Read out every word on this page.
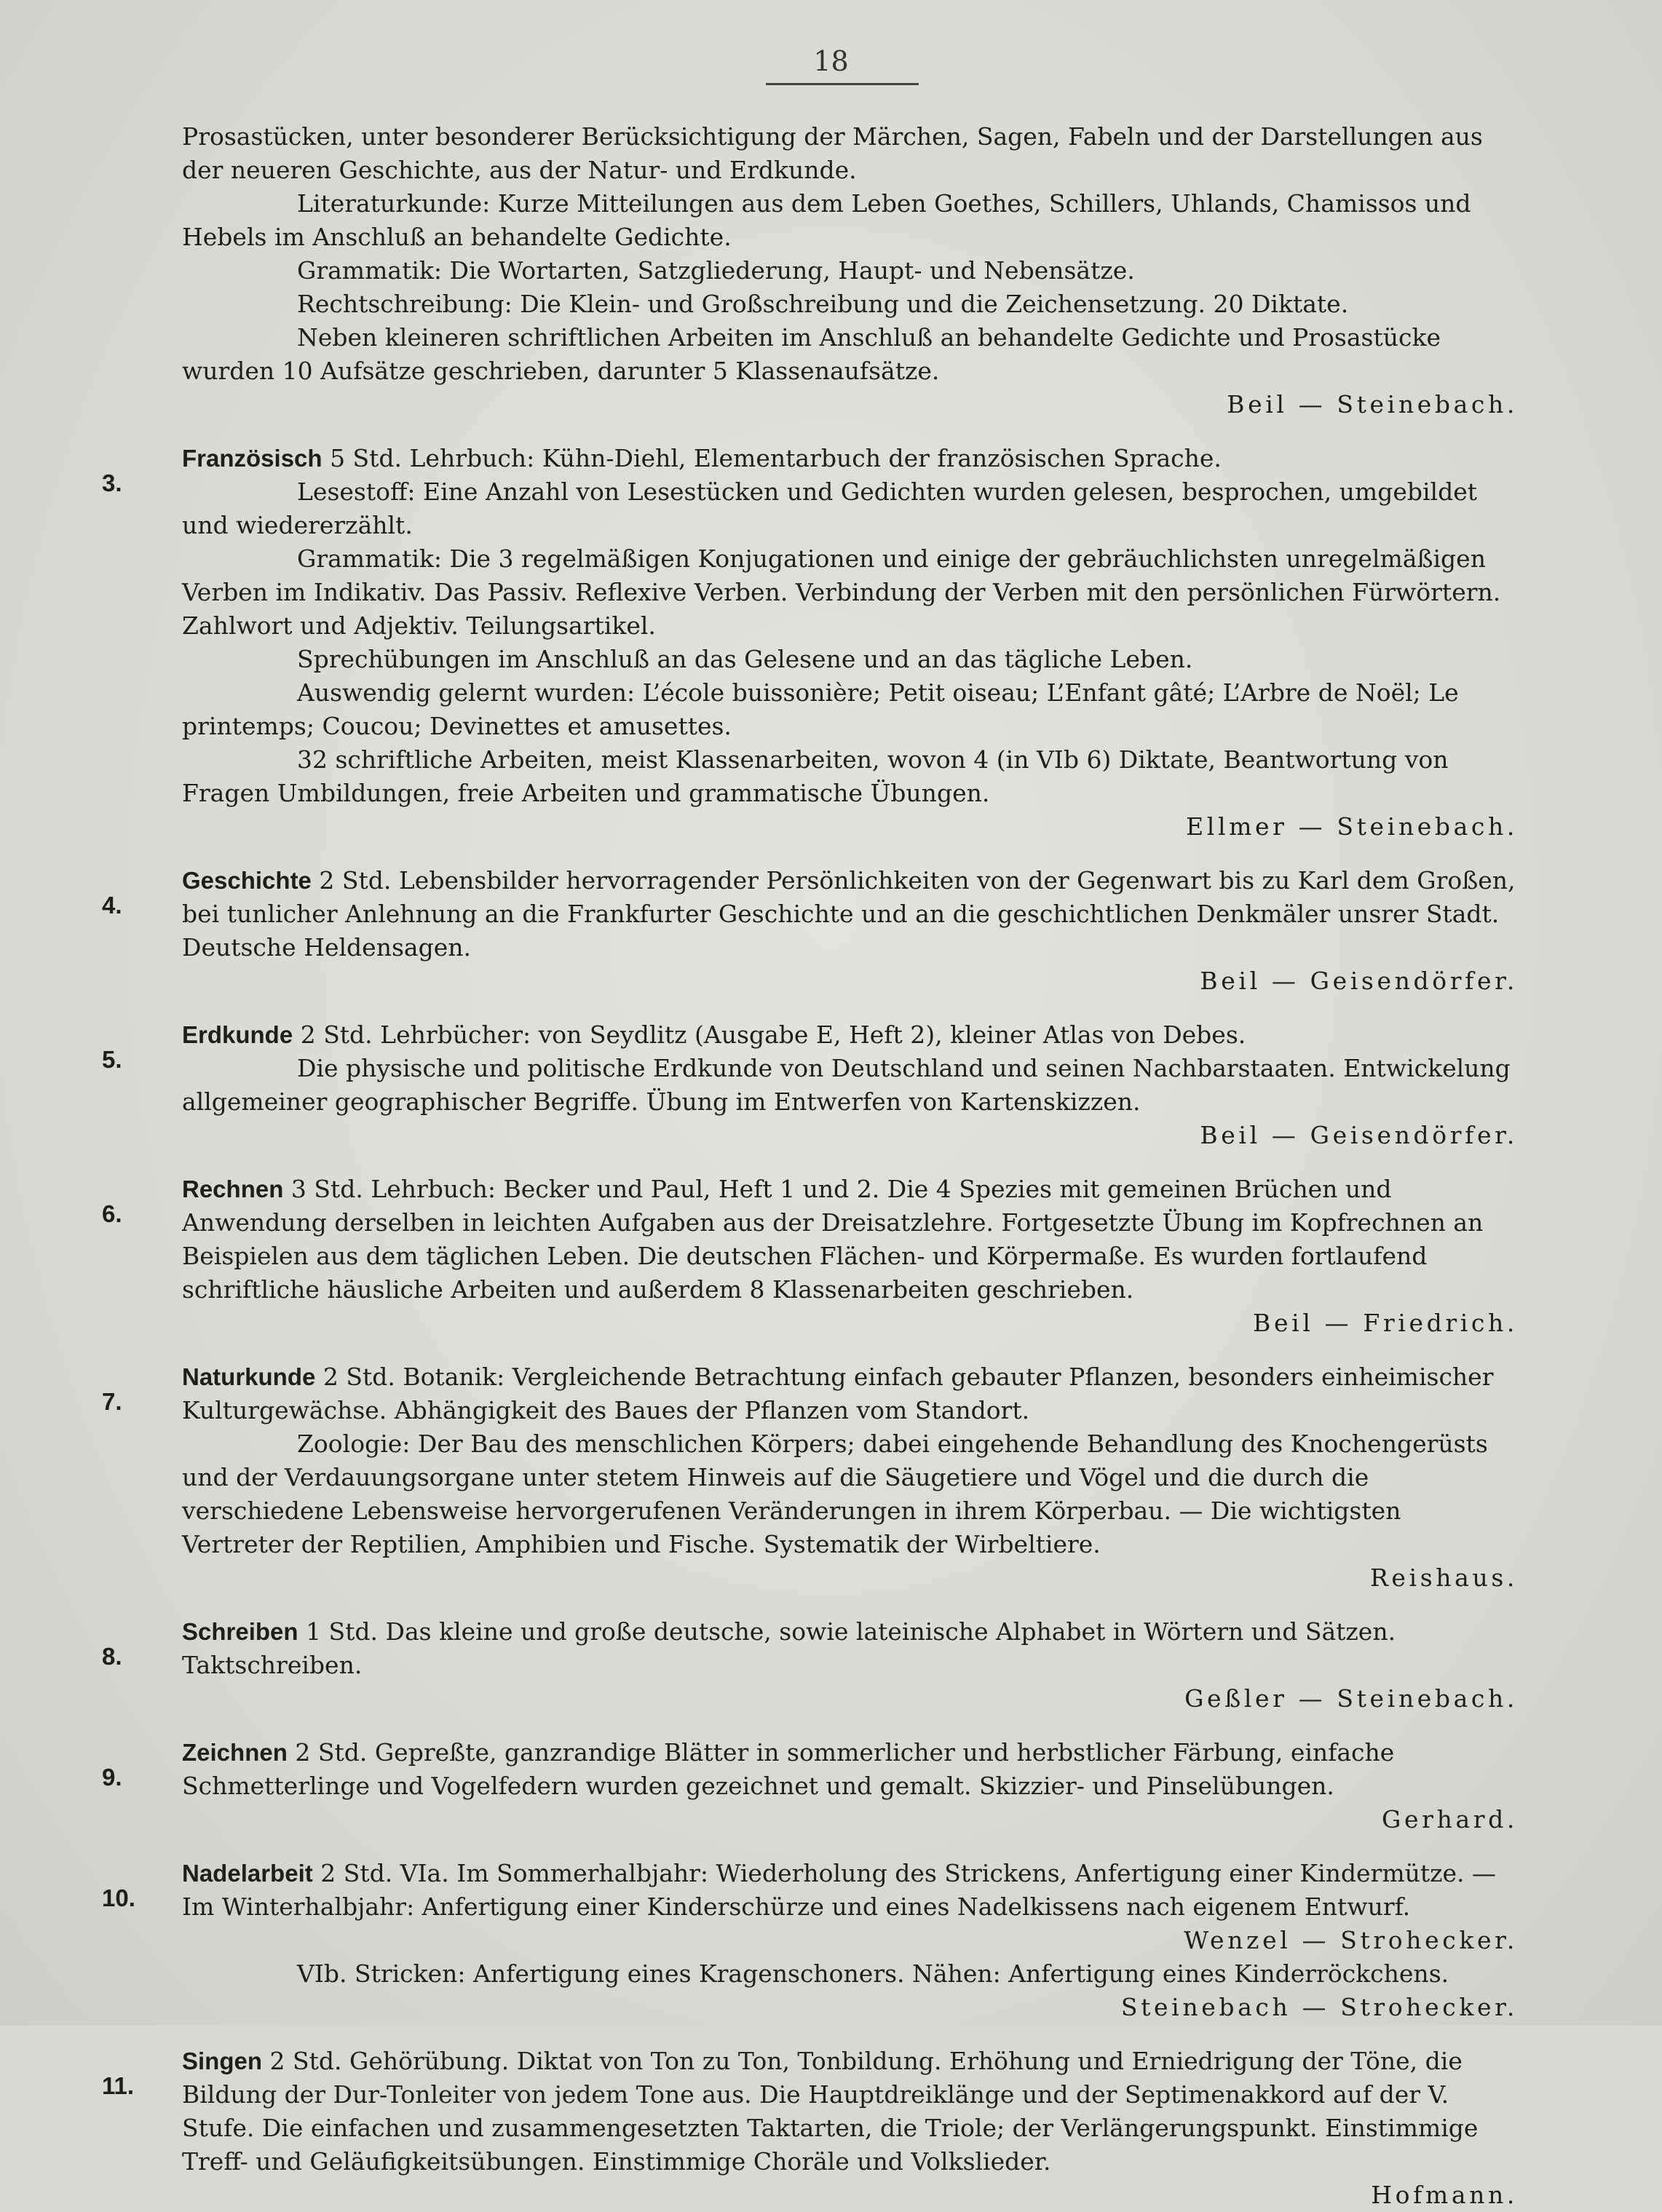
18

Prosastücken, unter besonderer Berücksichtigung der Märchen, Sagen, Fabeln und der Darstellungen aus der neueren Geschichte, aus der Natur- und Erdkunde.

Literaturkunde: Kurze Mitteilungen aus dem Leben Goethes, Schillers, Uhlands, Chamissos und Hebels im Anschluß an behandelte Gedichte.

Grammatik: Die Wortarten, Satzgliederung, Haupt- und Nebensätze.

Rechtschreibung: Die Klein- und Großschreibung und die Zeichensetzung. 20 Diktate.

Neben kleineren schriftlichen Arbeiten im Anschluß an behandelte Gedichte und Prosastücke wurden 10 Aufsätze geschrieben, darunter 5 Klassenaufsätze.

Beil — Steinebach.

3.
Französisch 5 Std. Lehrbuch: Kühn-Diehl, Elementarbuch der französischen Sprache.

Lesestoff: Eine Anzahl von Lesestücken und Gedichten wurden gelesen, besprochen, umgebildet und wiedererzählt.

Grammatik: Die 3 regelmäßigen Konjugationen und einige der gebräuchlichsten unregelmäßigen Verben im Indikativ. Das Passiv. Reflexive Verben. Verbindung der Verben mit den persönlichen Fürwörtern. Zahlwort und Adjektiv. Teilungsartikel.

Sprechübungen im Anschluß an das Gelesene und an das tägliche Leben.

Auswendig gelernt wurden: L’école buissonière; Petit oiseau; L’Enfant gâté; L’Arbre de Noël; Le printemps; Coucou; Devinettes et amusettes.

32 schriftliche Arbeiten, meist Klassenarbeiten, wovon 4 (in VIb 6) Diktate, Beantwortung von Fragen Umbildungen, freie Arbeiten und grammatische Übungen.

Ellmer — Steinebach.

4.
Geschichte 2 Std. Lebensbilder hervorragender Persönlichkeiten von der Gegenwart bis zu Karl dem Großen, bei tunlicher Anlehnung an die Frankfurter Geschichte und an die geschichtlichen Denkmäler unsrer Stadt. Deutsche Heldensagen.

Beil — Geisendörfer.

5.
Erdkunde 2 Std. Lehrbücher: von Seydlitz (Ausgabe E, Heft 2), kleiner Atlas von Debes.

Die physische und politische Erdkunde von Deutschland und seinen Nachbarstaaten. Entwickelung allgemeiner geographischer Begriffe. Übung im Entwerfen von Kartenskizzen.

Beil — Geisendörfer.

6.
Rechnen 3 Std. Lehrbuch: Becker und Paul, Heft 1 und 2. Die 4 Spezies mit gemeinen Brüchen und Anwendung derselben in leichten Aufgaben aus der Dreisatzlehre. Fortgesetzte Übung im Kopfrechnen an Beispielen aus dem täglichen Leben. Die deutschen Flächen- und Körpermaße. Es wurden fortlaufend schriftliche häusliche Arbeiten und außerdem 8 Klassenarbeiten geschrieben.

Beil — Friedrich.

7.
Naturkunde 2 Std. Botanik: Vergleichende Betrachtung einfach gebauter Pflanzen, besonders einheimischer Kulturgewächse. Abhängigkeit des Baues der Pflanzen vom Standort.

Zoologie: Der Bau des menschlichen Körpers; dabei eingehende Behandlung des Knochengerüsts und der Verdauungsorgane unter stetem Hinweis auf die Säugetiere und Vögel und die durch die verschiedene Lebensweise hervorgerufenen Veränderungen in ihrem Körperbau. — Die wichtigsten Vertreter der Reptilien, Amphibien und Fische. Systematik der Wirbeltiere.

Reishaus.

8.
Schreiben 1 Std. Das kleine und große deutsche, sowie lateinische Alphabet in Wörtern und Sätzen. Taktschreiben.

Geßler — Steinebach.

9.
Zeichnen 2 Std. Gepreßte, ganzrandige Blätter in sommerlicher und herbstlicher Färbung, einfache Schmetterlinge und Vogelfedern wurden gezeichnet und gemalt. Skizzier- und Pinselübungen.

Gerhard.

10.
Nadelarbeit 2 Std. VIa. Im Sommerhalbjahr: Wiederholung des Strickens, Anfertigung einer Kindermütze. — Im Winterhalbjahr: Anfertigung einer Kinderschürze und eines Nadelkissens nach eigenem Entwurf.

Wenzel — Strohecker.

VIb. Stricken: Anfertigung eines Kragenschoners. Nähen: Anfertigung eines Kinderröckchens.

Steinebach — Strohecker.

11.
Singen 2 Std. Gehörübung. Diktat von Ton zu Ton, Tonbildung. Erhöhung und Erniedrigung der Töne, die Bildung der Dur-Tonleiter von jedem Tone aus. Die Hauptdreiklänge und der Septimenakkord auf der V. Stufe. Die einfachen und zusammengesetzten Taktarten, die Triole; der Verlängerungspunkt. Einstimmige Treff- und Geläufigkeitsübungen. Einstimmige Choräle und Volkslieder.

Hofmann.
